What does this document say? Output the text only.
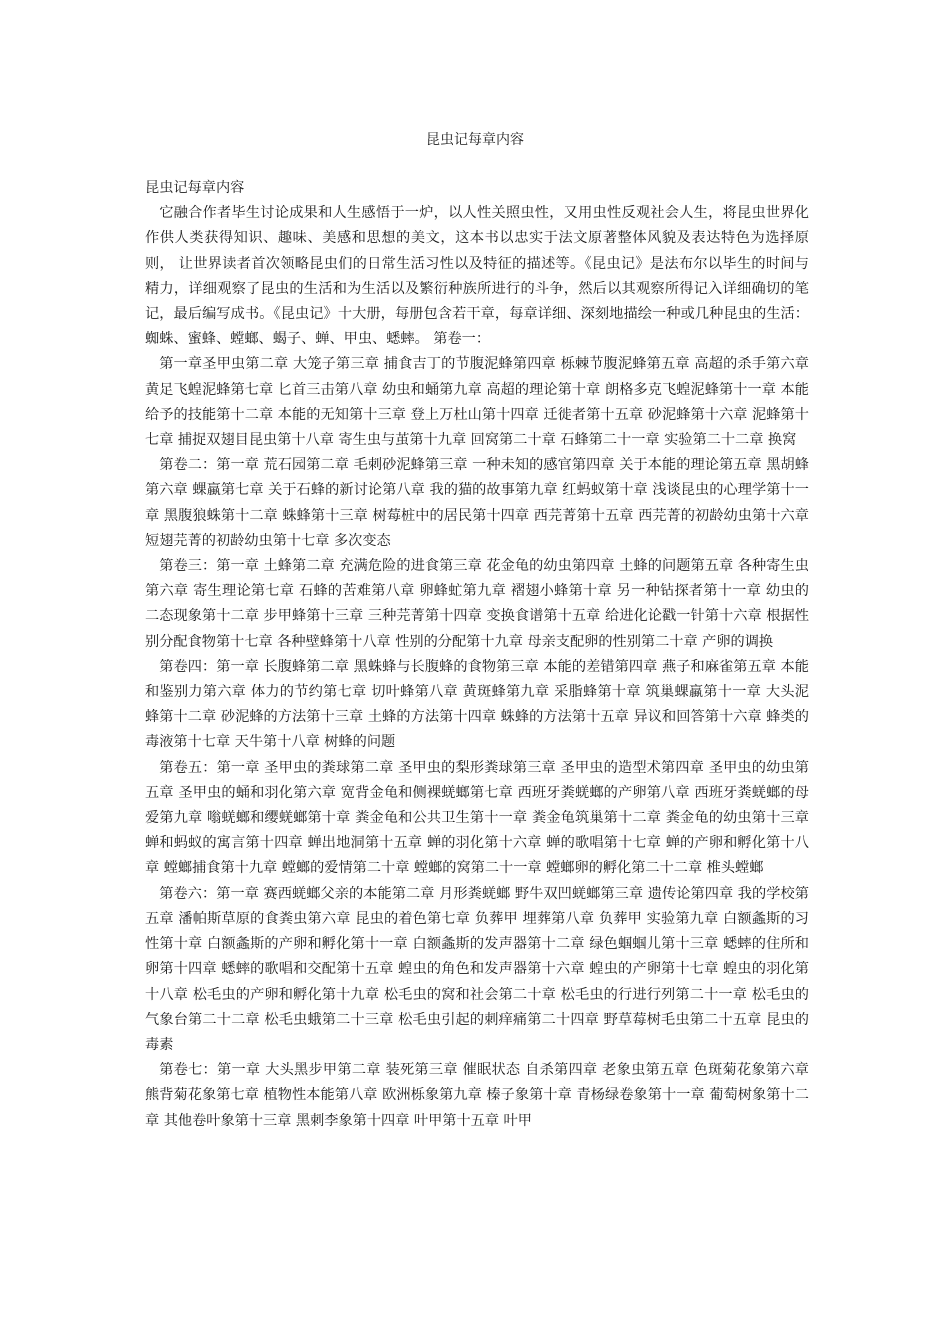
昆虫记每章内容
昆虫记每章内容

它融合作者毕生讨论成果和人生感悟于一炉，以人性关照虫性，又用虫性反观社会人生，将昆虫世界化作供人类获得知识、趣味、美感和思想的美文，这本书以忠实于法文原著整体风貌及表达特色为选择原则， 让世界读者首次领略昆虫们的日常生活习性以及特征的描述等。《昆虫记》是法布尔以毕生的时间与精力，详细观察了昆虫的生活和为生活以及繁衍种族所进行的斗争，然后以其观察所得记入详细确切的笔记，最后编写成书。《昆虫记》十大册，每册包含若干章，每章详细、深刻地描绘一种或几种昆虫的生活：蜘蛛、蜜蜂、螳螂、蝎子、蝉、甲虫、蟋蟀。 第卷一：

第一章圣甲虫第二章 大笼子第三章 捕食吉丁的节腹泥蜂第四章 栎棘节腹泥蜂第五章 高超的杀手第六章 黄足飞蝗泥蜂第七章 匕首三击第八章 幼虫和蛹第九章 高超的理论第十章 朗格多克飞蝗泥蜂第十一章 本能给予的技能第十二章 本能的无知第十三章 登上万杜山第十四章 迁徙者第十五章 砂泥蜂第十六章 泥蜂第十七章 捕捉双翅目昆虫第十八章 寄生虫与茧第十九章 回窝第二十章 石蜂第二十一章 实验第二十二章 换窝

第卷二：第一章 荒石园第二章 毛刺砂泥蜂第三章 一种未知的感官第四章 关于本能的理论第五章 黑胡蜂第六章 蜾蠃第七章 关于石蜂的新讨论第八章 我的猫的故事第九章 红蚂蚁第十章 浅谈昆虫的心理学第十一章 黑腹狼蛛第十二章 蛛蜂第十三章 树莓桩中的居民第十四章 西芫菁第十五章 西芫菁的初龄幼虫第十六章 短翅芫菁的初龄幼虫第十七章 多次变态

第卷三：第一章 土蜂第二章 充满危险的进食第三章 花金龟的幼虫第四章 土蜂的问题第五章 各种寄生虫第六章 寄生理论第七章 石蜂的苦难第八章 卵蜂虻第九章 褶翅小蜂第十章 另一种钻探者第十一章 幼虫的二态现象第十二章 步甲蜂第十三章 三种芫菁第十四章 变换食谱第十五章 给进化论戳一针第十六章 根据性别分配食物第十七章 各种壁蜂第十八章 性别的分配第十九章 母亲支配卵的性别第二十章 产卵的调换

第卷四：第一章 长腹蜂第二章 黑蛛蜂与长腹蜂的食物第三章 本能的差错第四章 燕子和麻雀第五章 本能和鉴别力第六章 体力的节约第七章 切叶蜂第八章 黄斑蜂第九章 采脂蜂第十章 筑巢蜾蠃第十一章 大头泥蜂第十二章 砂泥蜂的方法第十三章 土蜂的方法第十四章 蛛蜂的方法第十五章 异议和回答第十六章 蜂类的毒液第十七章 天牛第十八章 树蜂的问题

第卷五：第一章 圣甲虫的粪球第二章 圣甲虫的梨形粪球第三章 圣甲虫的造型术第四章 圣甲虫的幼虫第五章 圣甲虫的蛹和羽化第六章 宽背金龟和侧裸蜣螂第七章 西班牙粪蜣螂的产卵第八章 西班牙粪蜣螂的母爱第九章 嗡蜣螂和缨蜣螂第十章 粪金龟和公共卫生第十一章 粪金龟筑巢第十二章 粪金龟的幼虫第十三章 蝉和蚂蚁的寓言第十四章 蝉出地洞第十五章 蝉的羽化第十六章 蝉的歌唱第十七章 蝉的产卵和孵化第十八章 螳螂捕食第十九章 螳螂的爱情第二十章 螳螂的窝第二十一章 螳螂卵的孵化第二十二章 椎头螳螂

第卷六：第一章 赛西蜣螂父亲的本能第二章 月形粪蜣螂 野牛双凹蜣螂第三章 遗传论第四章 我的学校第五章 潘帕斯草原的食粪虫第六章 昆虫的着色第七章 负葬甲 埋葬第八章 负葬甲 实验第九章 白额螽斯的习性第十章 白额螽斯的产卵和孵化第十一章 白额螽斯的发声器第十二章 绿色蝈蝈儿第十三章 蟋蟀的住所和卵第十四章 蟋蟀的歌唱和交配第十五章 蝗虫的角色和发声器第十六章 蝗虫的产卵第十七章 蝗虫的羽化第十八章 松毛虫的产卵和孵化第十九章 松毛虫的窝和社会第二十章 松毛虫的行进行列第二十一章 松毛虫的气象台第二十二章 松毛虫蛾第二十三章 松毛虫引起的刺痒痛第二十四章 野草莓树毛虫第二十五章 昆虫的毒素

第卷七：第一章 大头黑步甲第二章 装死第三章 催眠状态 自杀第四章 老象虫第五章 色斑菊花象第六章 熊背菊花象第七章 植物性本能第八章 欧洲栎象第九章 榛子象第十章 青杨绿卷象第十一章 葡萄树象第十二章 其他卷叶象第十三章 黑刺李象第十四章 叶甲第十五章 叶甲
